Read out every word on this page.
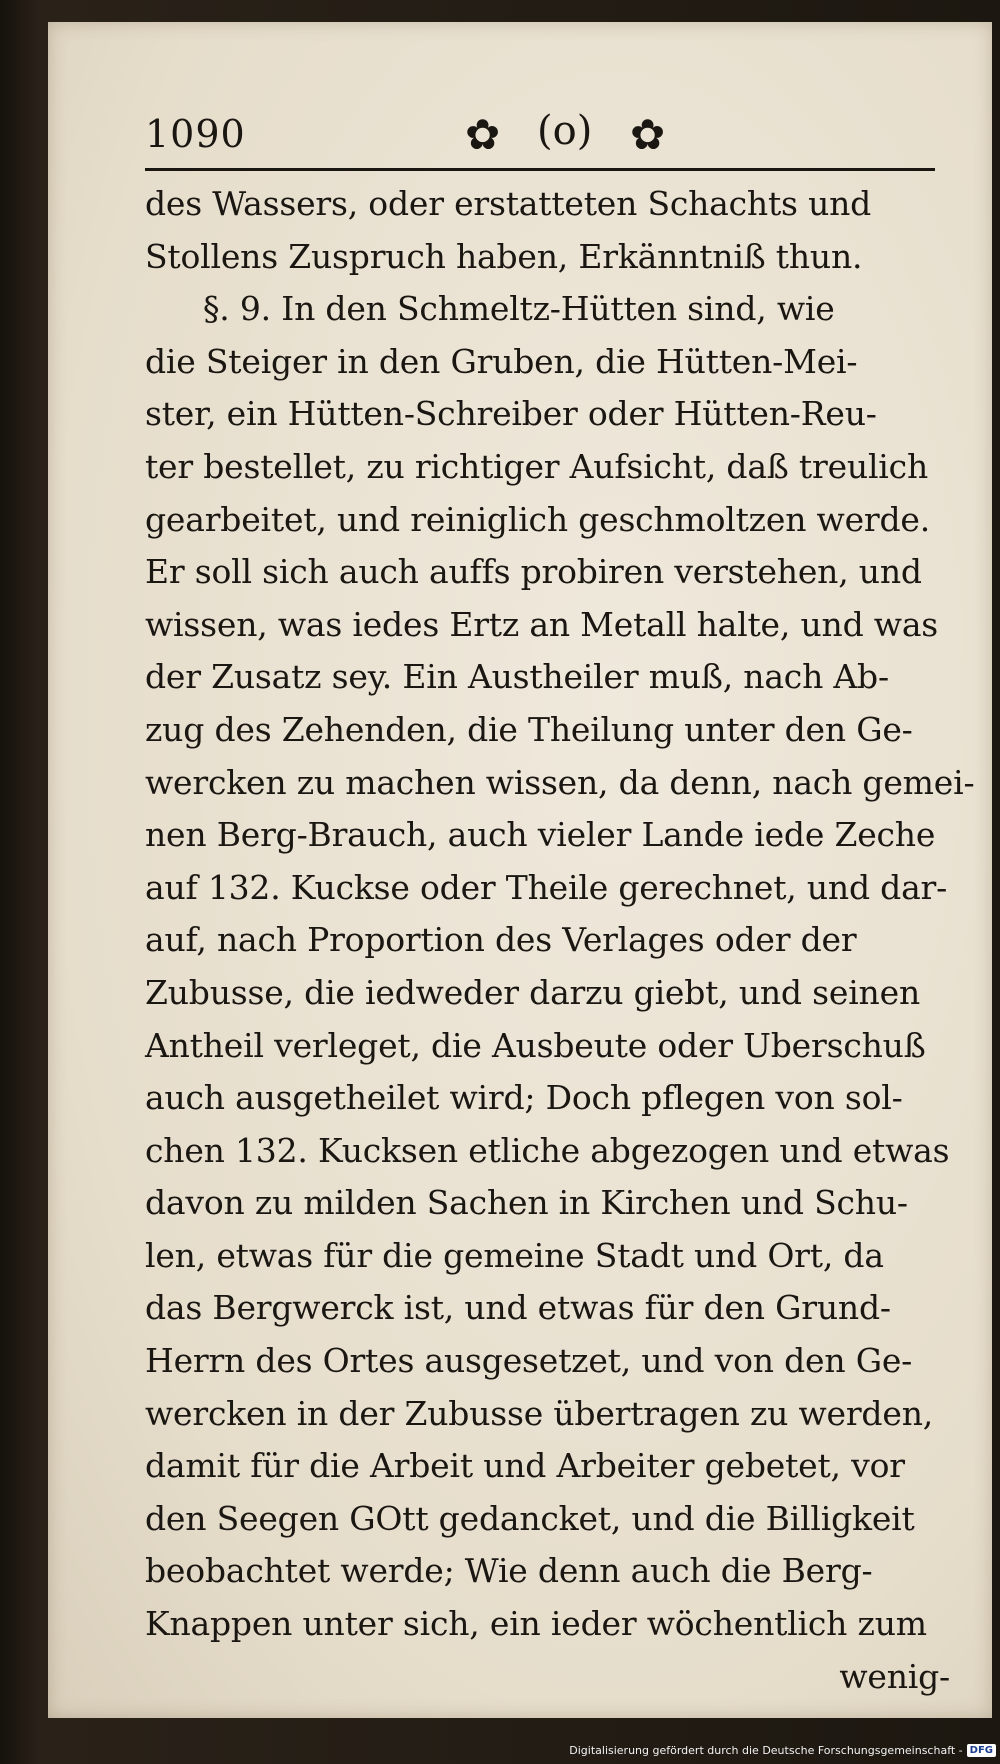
1090	✿ (o) ✿
des Wassers, oder erstatteten Schachts und
Stollens Zuspruch haben, Erkänntniß thun.
§. 9. In den Schmeltz-Hütten sind, wie
die Steiger in den Gruben, die Hütten-Mei-
ster, ein Hütten-Schreiber oder Hütten-Reu-
ter bestellet, zu richtiger Aufsicht, daß treulich
gearbeitet, und reiniglich geschmoltzen werde.
Er soll sich auch auffs probiren verstehen, und
wissen, was iedes Ertz an Metall halte, und was
der Zusatz sey. Ein Austheiler muß, nach Ab-
zug des Zehenden, die Theilung unter den Ge-
wercken zu machen wissen, da denn, nach gemei-
nen Berg-Brauch, auch vieler Lande iede Zeche
auf 132. Kuckse oder Theile gerechnet, und dar-
auf, nach Proportion des Verlages oder der
Zubusse, die iedweder darzu giebt, und seinen
Antheil verleget, die Ausbeute oder Uberschuß
auch ausgetheilet wird; Doch pflegen von sol-
chen 132. Kucksen etliche abgezogen und etwas
davon zu milden Sachen in Kirchen und Schu-
len, etwas für die gemeine Stadt und Ort, da
das Bergwerck ist, und etwas für den Grund-
Herrn des Ortes ausgesetzet, und von den Ge-
wercken in der Zubusse übertragen zu werden,
damit für die Arbeit und Arbeiter gebetet, vor
den Seegen GOtt gedancket, und die Billigkeit
beobachtet werde; Wie denn auch die Berg-
Knappen unter sich, ein ieder wöchentlich zum
wenig-
Digitalisierung gefördert durch die Deutsche Forschungsgemeinschaft - DFG
